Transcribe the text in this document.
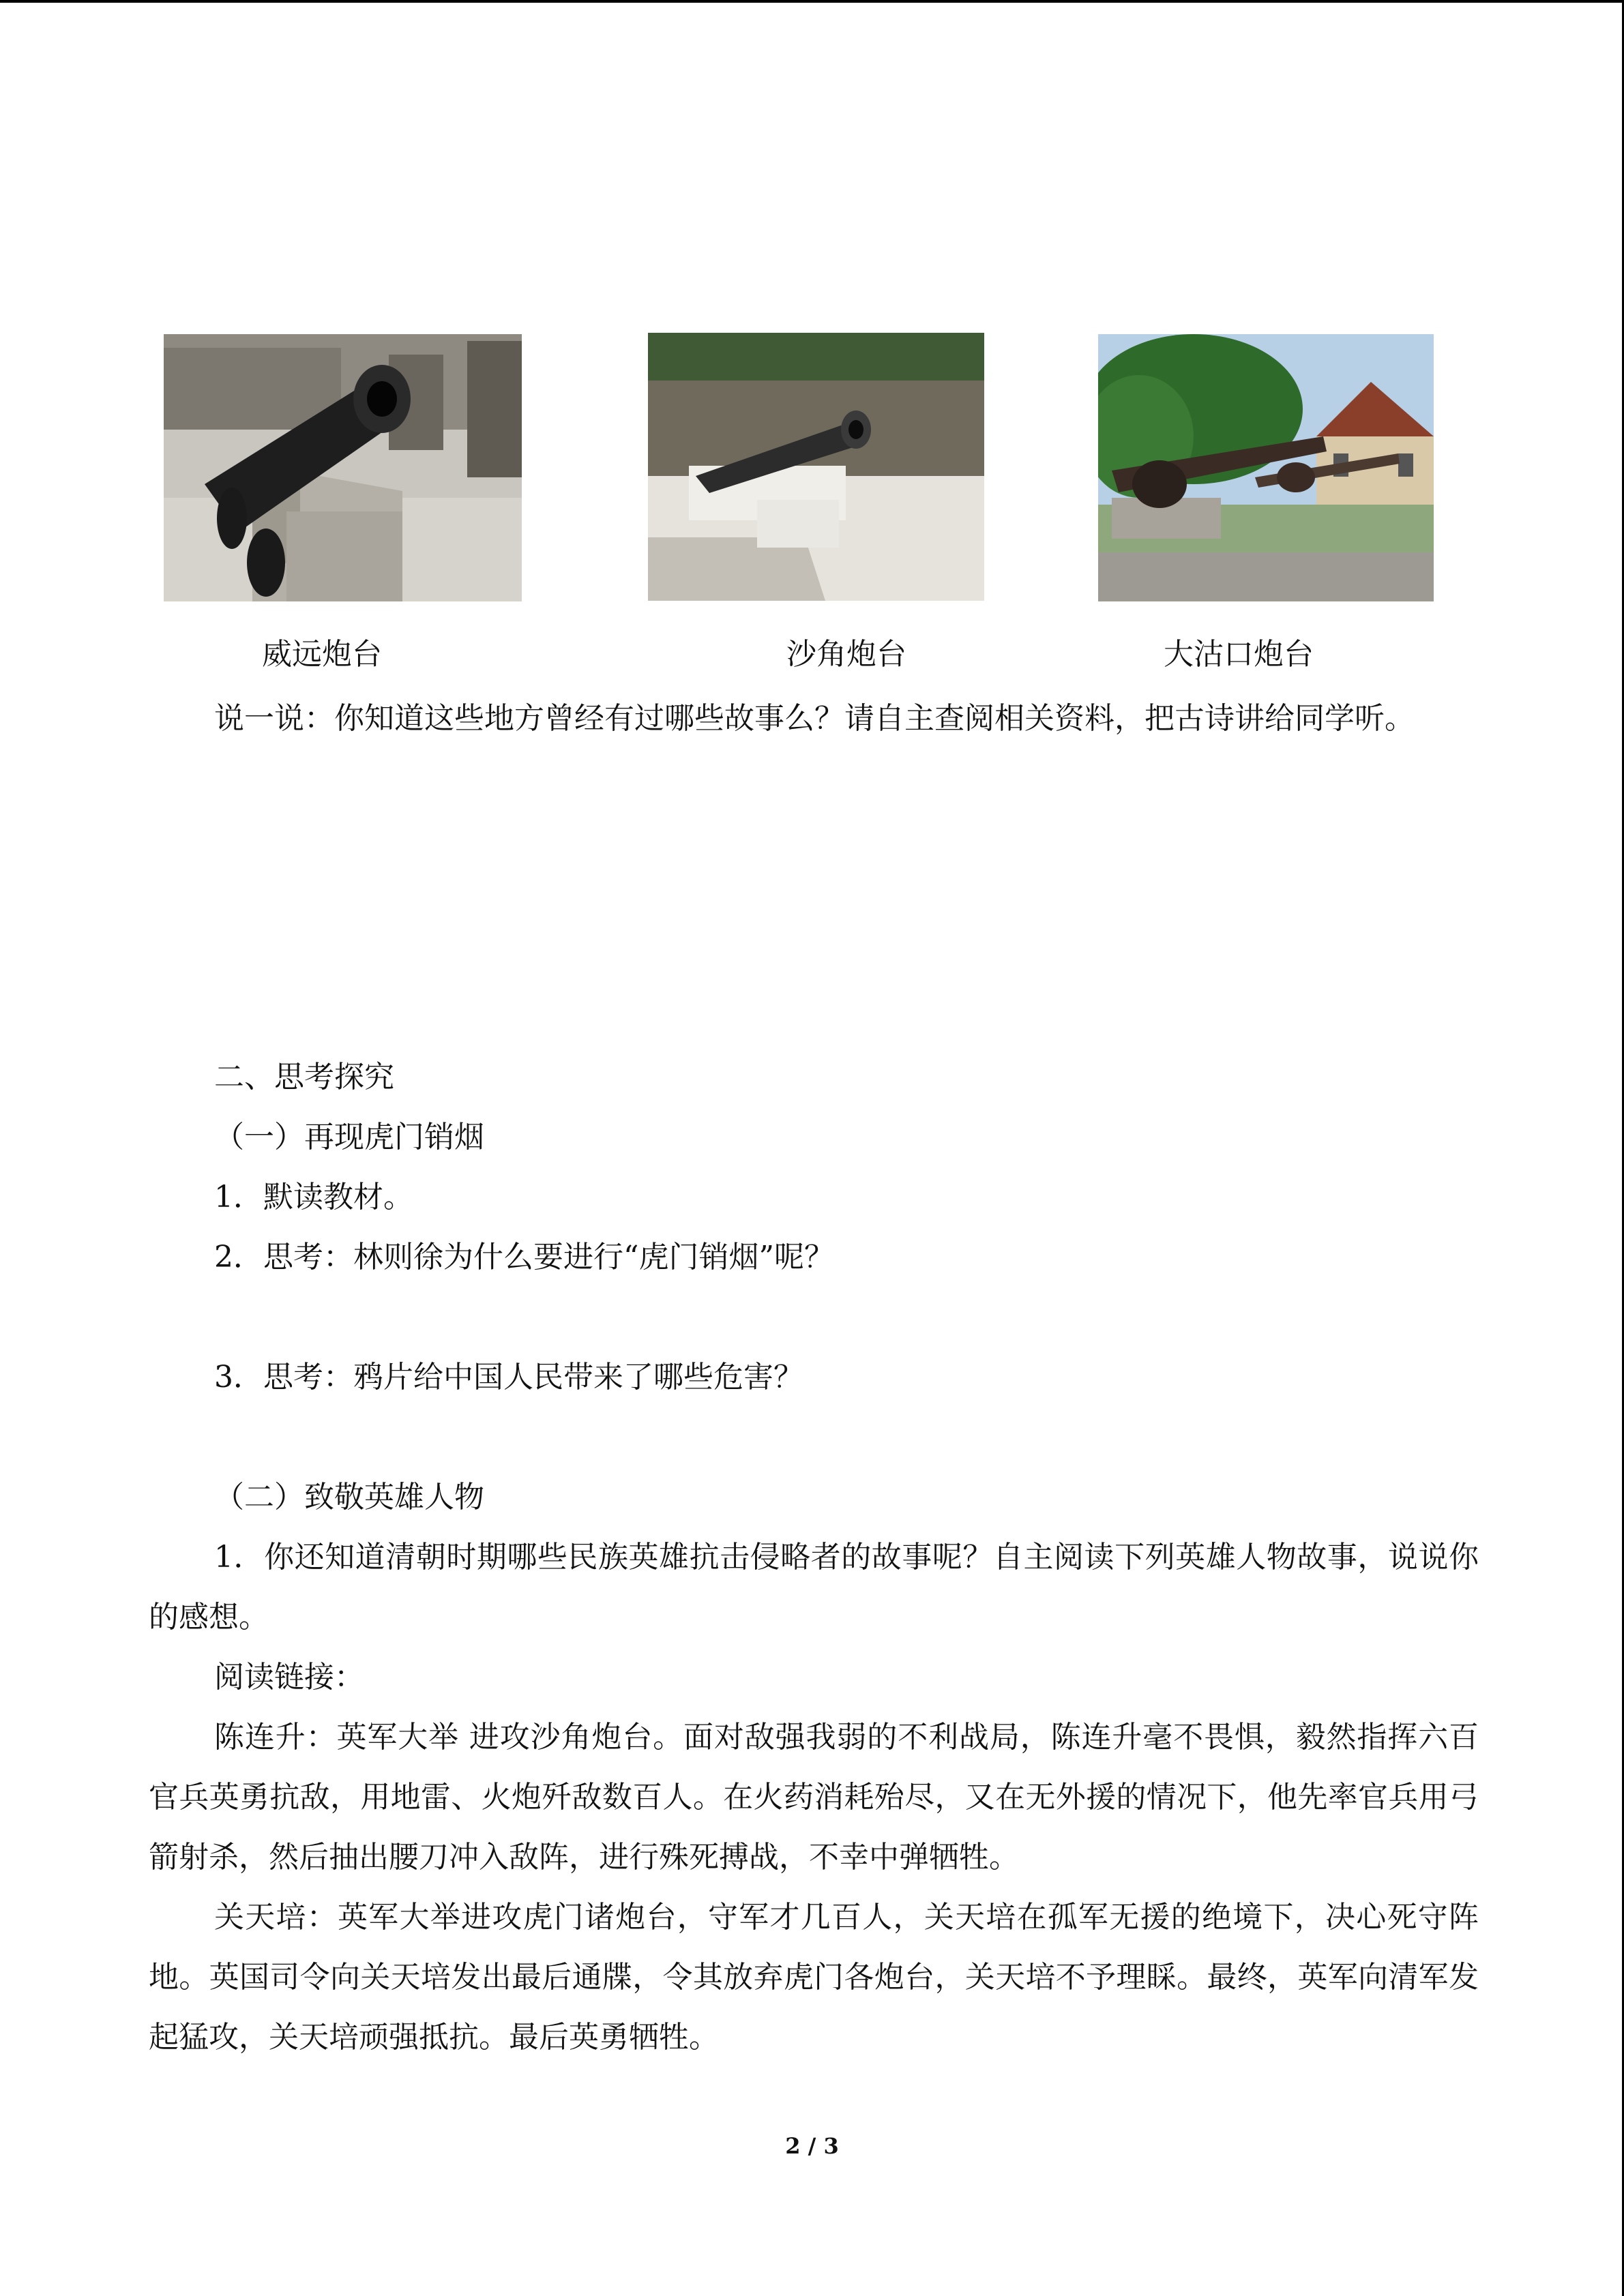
威远炮台	沙角炮台	大沽口炮台
说一说：你知道这些地方曾经有过哪些故事么？请自主查阅相关资料，把古诗讲给同学听。
二、思考探究
（一）再现虎门销烟
1．默读教材。
2．思考：林则徐为什么要进行“虎门销烟”呢？
3．思考：鸦片给中国人民带来了哪些危害？
（二）致敬英雄人物
1．你还知道清朝时期哪些民族英雄抗击侵略者的故事呢？自主阅读下列英雄人物故事，说说你的感想。
阅读链接：
陈连升：英军大举 进攻沙角炮台。面对敌强我弱的不利战局，陈连升毫不畏惧，毅然指挥六百官兵英勇抗敌，用地雷、火炮歼敌数百人。在火药消耗殆尽，又在无外援的情况下，他先率官兵用弓箭射杀，然后抽出腰刀冲入敌阵，进行殊死搏战，不幸中弹牺牲。
关天培：英军大举进攻虎门诸炮台，守军才几百人，关天培在孤军无援的绝境下，决心死守阵地。英国司令向关天培发出最后通牒，令其放弃虎门各炮台，关天培不予理睬。最终，英军向清军发起猛攻，关天培顽强抵抗。最后英勇牺牲。
2 / 3
